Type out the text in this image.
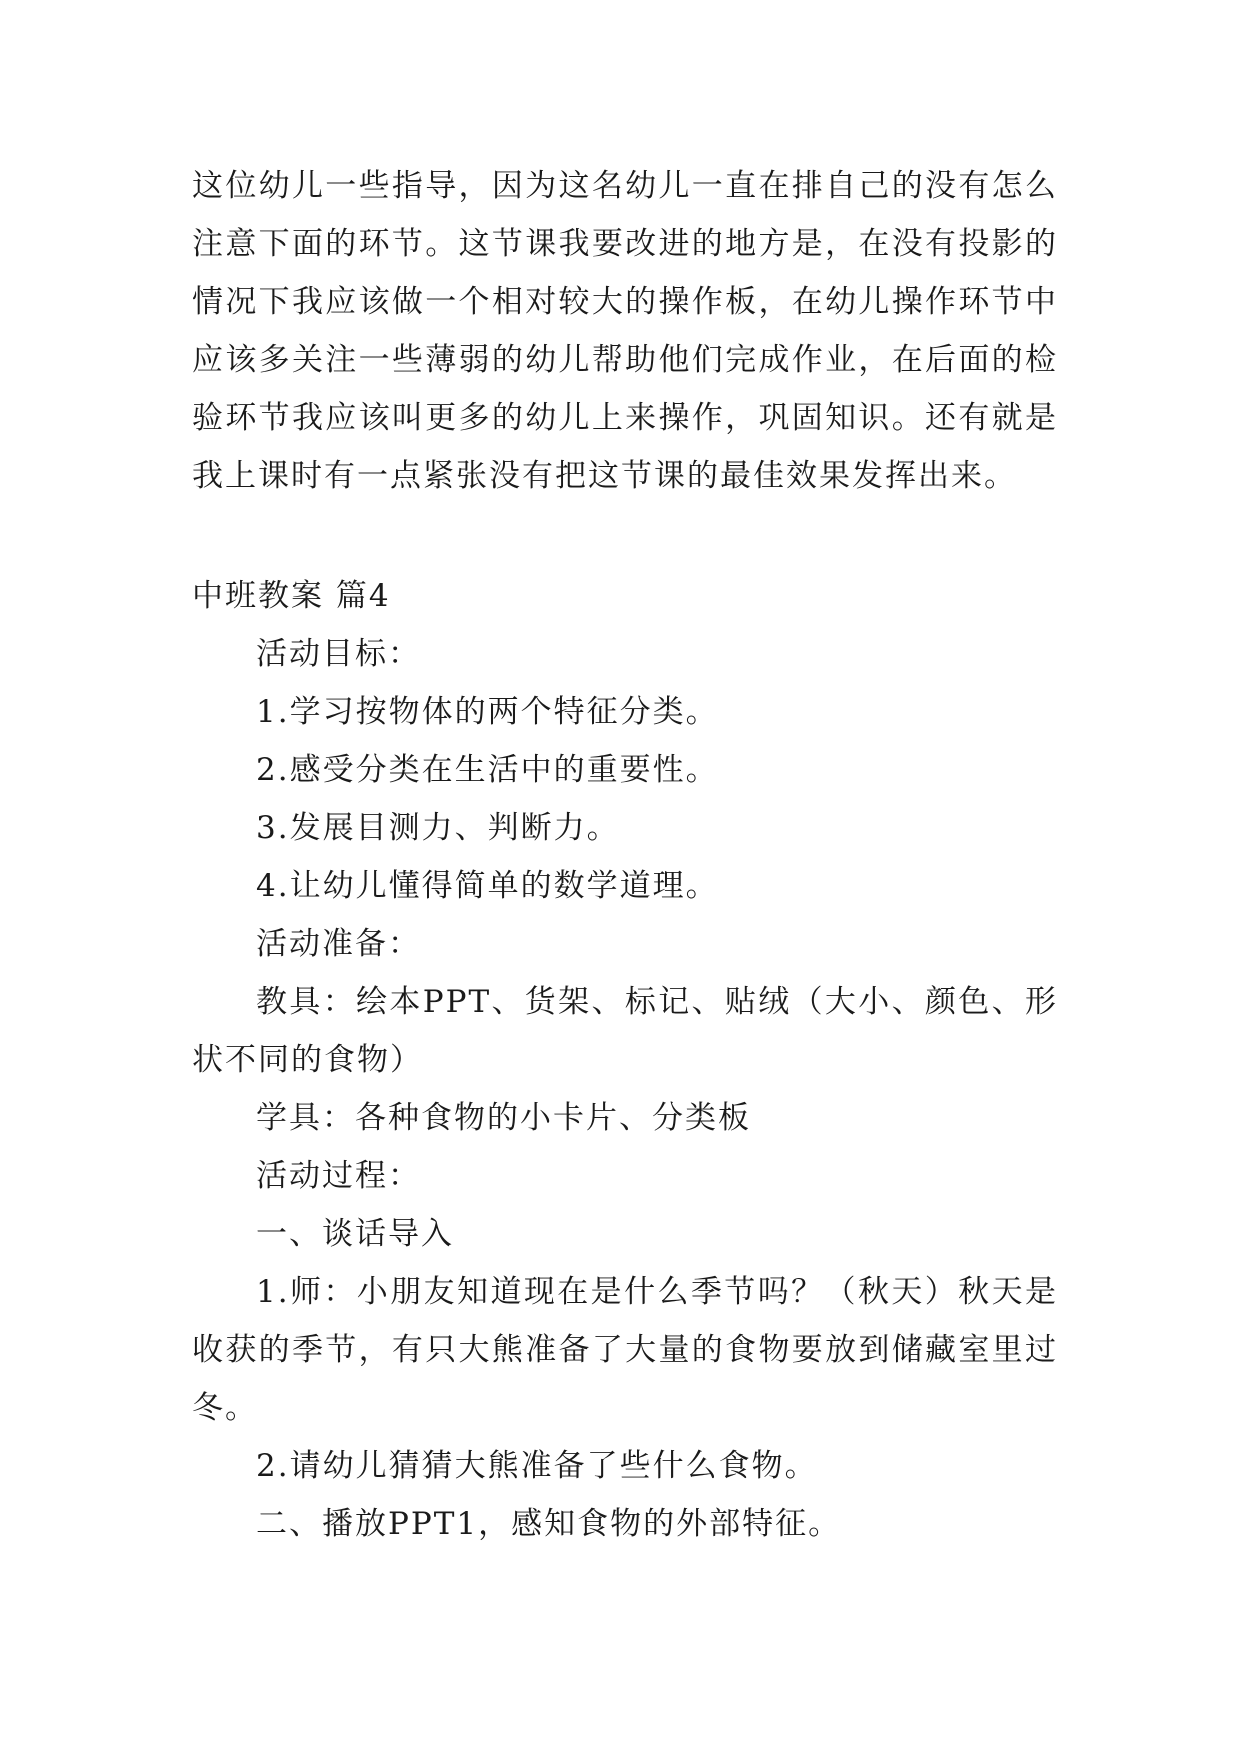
这位幼儿一些指导，因为这名幼儿一直在排自己的没有怎么
注意下面的环节。这节课我要改进的地方是，在没有投影的
情况下我应该做一个相对较大的操作板，在幼儿操作环节中
应该多关注一些薄弱的幼儿帮助他们完成作业，在后面的检
验环节我应该叫更多的幼儿上来操作，巩固知识。还有就是
我上课时有一点紧张没有把这节课的最佳效果发挥出来。
中班教案 篇4
活动目标：
1.学习按物体的两个特征分类。
2.感受分类在生活中的重要性。
3.发展目测力、判断力。
4.让幼儿懂得简单的数学道理。
活动准备：
教具：绘本PPT、货架、标记、贴绒（大小、颜色、形
状不同的食物）
学具：各种食物的小卡片、分类板
活动过程：
一、谈话导入
1.师：小朋友知道现在是什么季节吗？（秋天）秋天是
收获的季节，有只大熊准备了大量的食物要放到储藏室里过
冬。
2.请幼儿猜猜大熊准备了些什么食物。
二、播放PPT1，感知食物的外部特征。
